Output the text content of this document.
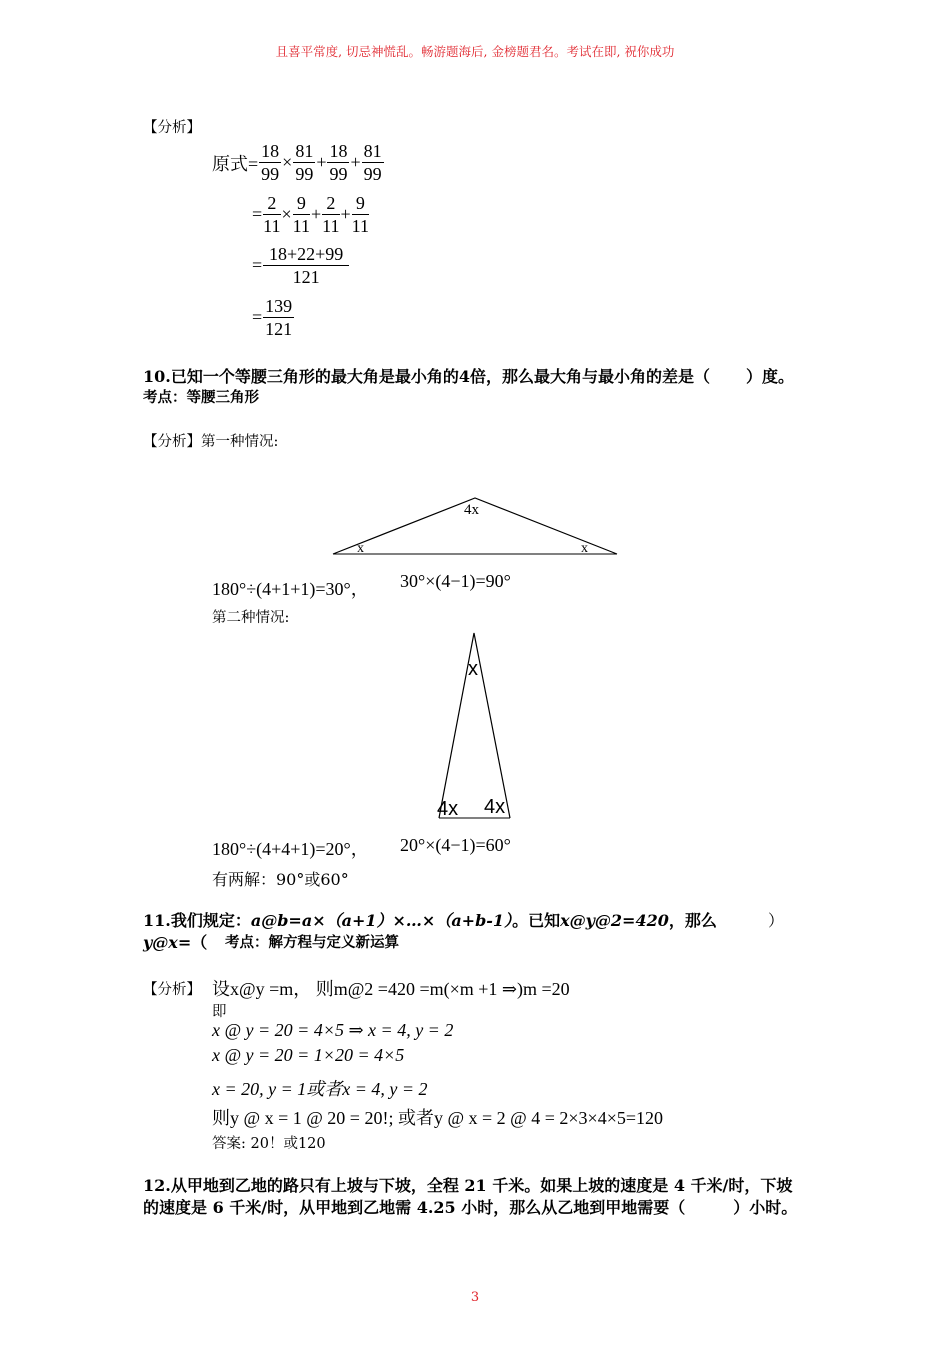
且喜平常度, 切忌神慌乱。畅游题海后, 金榜题君名。考试在即, 祝你成功
【分析】
原式= $\frac{18}{99} \times \frac{81}{99} + \frac{18}{99} + \frac{81}{99}$
= $\frac{2}{11} \times \frac{9}{11} + \frac{2}{11} + \frac{9}{11}$
= $\frac{18+22+99}{121}$
= $\frac{139}{121}$
10.已知一个等腰三角形的最大角是最小角的4倍，那么最大角与最小角的差是（ ）度。
考点：等腰三角形
【分析】第一种情况:
4x
x	x
180°÷(4+1+1)=30°， 30°×(4−1)=90°
第二种情况:
x
4x 4x
180°÷(4+4+1)=20°， 20°×(4−1)=60°
有两解：90°或60°
11.我们规定：a@b=a×（a+1）×…×（a+b-1）。已知x@y@2=420，那么	）
y@x=（ 考点：解方程与定义新运算
【分析】 设x@y =m， 则m@2 =420 =m(×m +1 ⇒)m =20
即
x @ y = 20 = 4×5 ⇒ x = 4, y = 2
x @ y = 20 = 1×20 = 4×5
x = 20, y = 1或者x = 4, y = 2
则y @ x = 1 @ 20 = 20!; 或者y @ x = 2 @ 4 = 2×3×4×5=120
答案: 20！或120
12.从甲地到乙地的路只有上坡与下坡，全程 21 千米。如果上坡的速度是 4 千米/时，下坡
的速度是 6 千米/时，从甲地到乙地需 4.25 小时，那么从乙地到甲地需要（　　　）小时。
3
